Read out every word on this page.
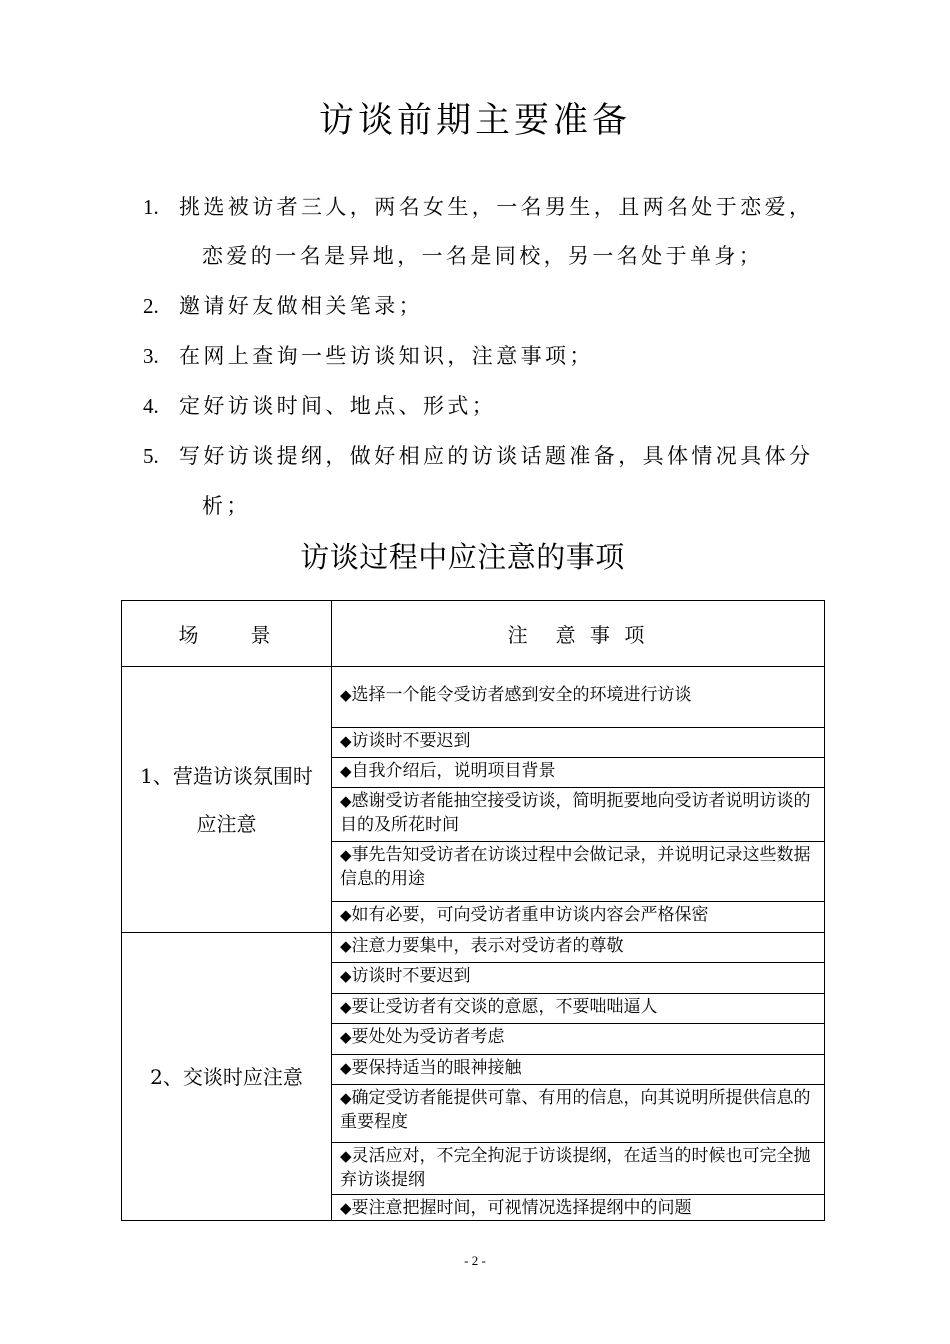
访谈前期主要准备
1. 挑选被访者三人，两名女生，一名男生，且两名处于恋爱，
恋爱的一名是异地，一名是同校，另一名处于单身；
2. 邀请好友做相关笔录；
3. 在网上查询一些访谈知识，注意事项；
4. 定好访谈时间、地点、形式；
5. 写好访谈提纲，做好相应的访谈话题准备，具体情况具体分
析；
访谈过程中应注意的事项
场　　景	注　意 事 项

1、营造访谈氛围时
应注意	◆选择一个能令受访者感到安全的环境进行访谈
	◆访谈时不要迟到
	◆自我介绍后，说明项目背景
	◆感谢受访者能抽空接受访谈，简明扼要地向受访者说明访谈的目的及所花时间
	◆事先告知受访者在访谈过程中会做记录，并说明记录这些数据信息的用途
	◆如有必要，可向受访者重申访谈内容会严格保密

2、交谈时应注意	◆注意力要集中，表示对受访者的尊敬
	◆访谈时不要迟到
	◆要让受访者有交谈的意愿，不要咄咄逼人
	◆要处处为受访者考虑
	◆要保持适当的眼神接触
	◆确定受访者能提供可靠、有用的信息，向其说明所提供信息的重要程度
	◆灵活应对，不完全拘泥于访谈提纲，在适当的时候也可完全抛弃访谈提纲
	◆要注意把握时间，可视情况选择提纲中的问题
- 2 -
